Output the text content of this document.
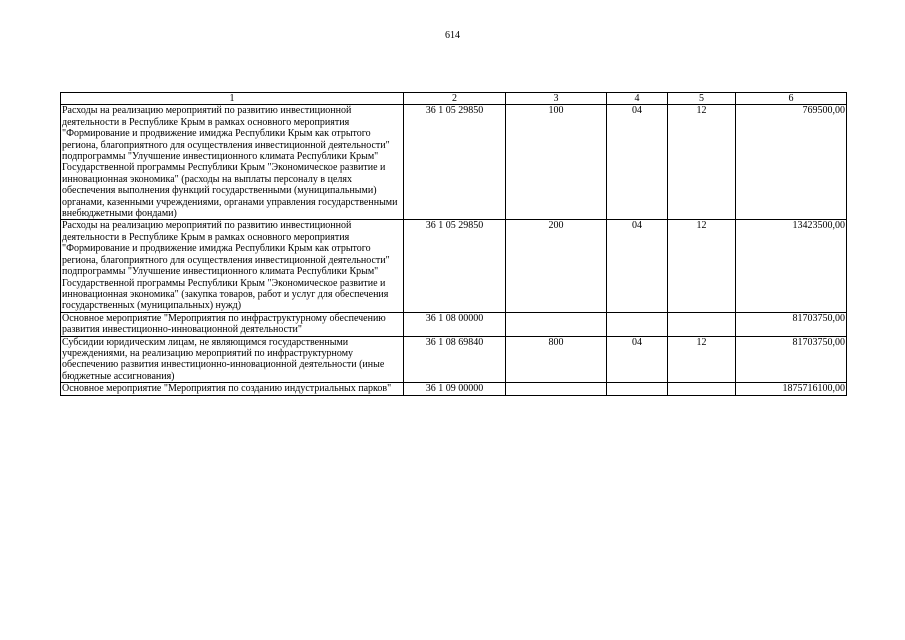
614
1	2	3	4	5	6
Расходы на реализацию мероприятий по развитию инвестиционной деятельности в Республике Крым в рамках основного мероприятия "Формирование и продвижение имиджа Республики Крым как отрытого региона, благоприятного для осуществления инвестиционной деятельности" подпрограммы "Улучшение инвестиционного климата Республики Крым" Государственной программы Республики Крым "Экономическое развитие и инновационная экономика" (расходы на выплаты персоналу в целях обеспечения выполнения функций государственными (муниципальными) органами, казенными учреждениями, органами управления государственными внебюджетными фондами)	36 1 05 29850	100	04	12	769500,00
Расходы на реализацию мероприятий по развитию инвестиционной деятельности в Республике Крым в рамках основного мероприятия "Формирование и продвижение имиджа Республики Крым как отрытого региона, благоприятного для осуществления инвестиционной деятельности" подпрограммы "Улучшение инвестиционного климата Республики Крым" Государственной программы Республики Крым "Экономическое развитие и инновационная экономика" (закупка товаров, работ и услуг для обеспечения государственных (муниципальных) нужд)	36 1 05 29850	200	04	12	13423500,00
Основное мероприятие "Мероприятия по инфраструктурному обеспечению развития инвестиционно-инновационной деятельности"	36 1 08 00000				81703750,00
Субсидии юридическим лицам, не являющимся государственными учреждениями, на реализацию мероприятий по инфраструктурному обеспечению развития инвестиционно-инновационной деятельности (иные бюджетные ассигнования)	36 1 08 69840	800	04	12	81703750,00
Основное мероприятие "Мероприятия по созданию индустриальных парков"	36 1 09 00000				1875716100,00
